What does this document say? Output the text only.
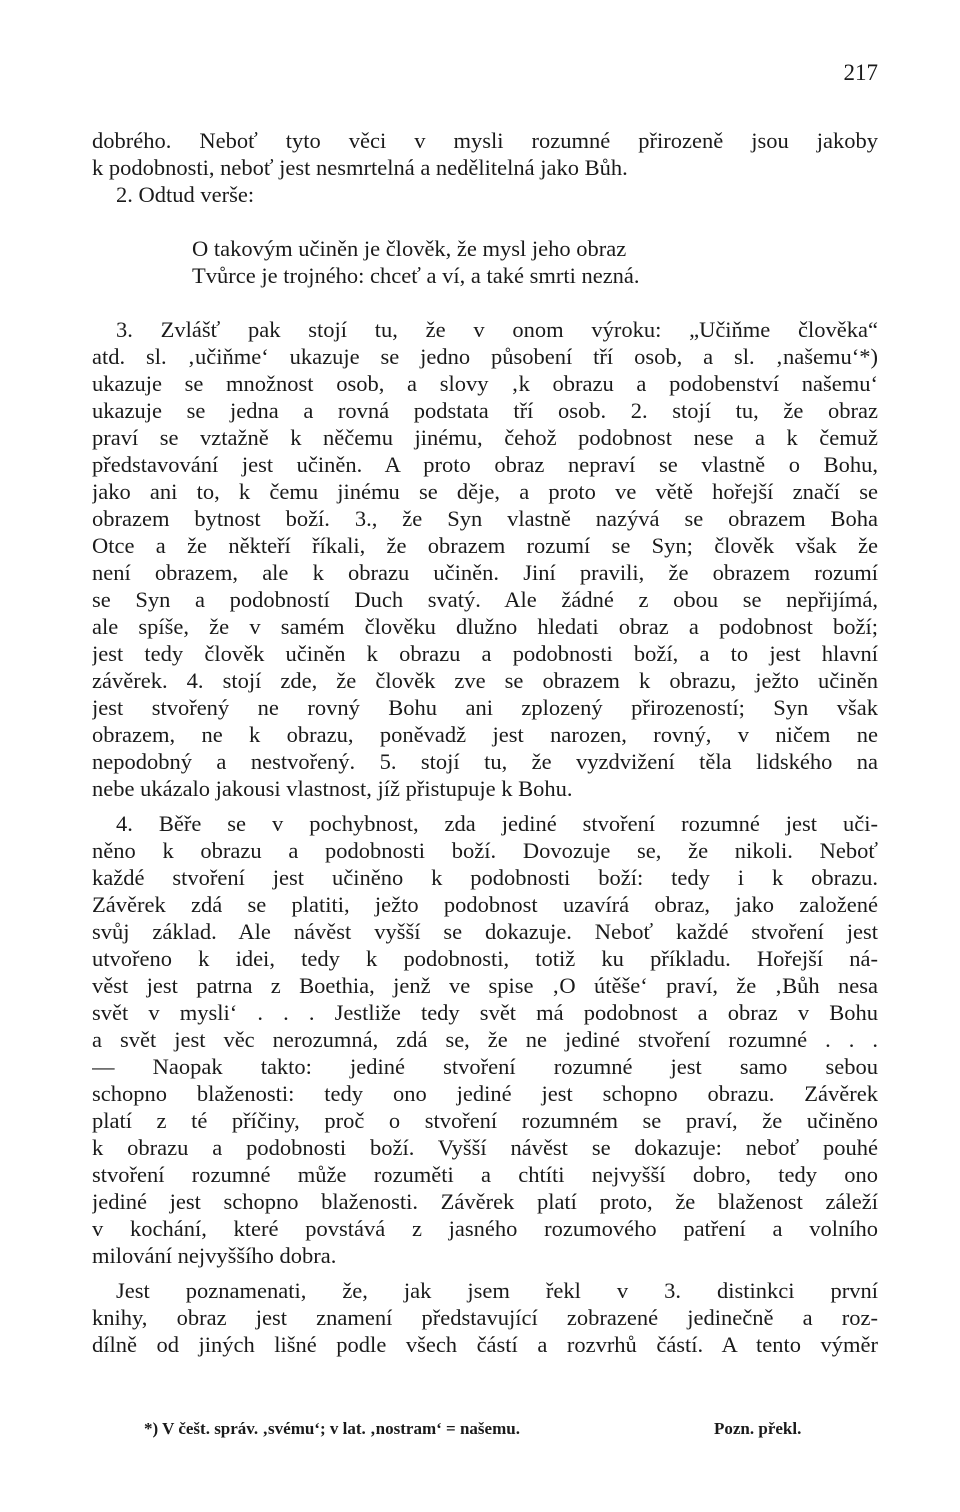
217
dobrého. Neboť tyto věci v mysli rozumné přirozeně jsou jakoby
k podobnosti, neboť jest nesmrtelná a nedělitelná jako Bůh.
2. Odtud verše:
O takovým učiněn je člověk, že mysl jeho obraz
Tvůrce je trojného: chceť a ví, a také smrti nezná.
3. Zvlášť pak stojí tu, že v onom výroku: „Učiňme člověka“
atd. sl. ‚učiňme‘ ukazuje se jedno působení tří osob, a sl. ‚našemu‘*)
ukazuje se množnost osob, a slovy ‚k obrazu a podobenství našemu‘
ukazuje se jedna a rovná podstata tří osob. 2. stojí tu, že obraz
praví se vztažně k něčemu jinému, čehož podobnost nese a k čemuž
představování jest učiněn. A proto obraz nepraví se vlastně o Bohu,
jako ani to, k čemu jinému se děje, a proto ve větě hořejší značí se
obrazem bytnost boží. 3., že Syn vlastně nazývá se obrazem Boha
Otce a že někteří říkali, že obrazem rozumí se Syn; člověk však že
není obrazem, ale k obrazu učiněn. Jiní pravili, že obrazem rozumí
se Syn a podobností Duch svatý. Ale žádné z obou se nepřijímá,
ale spíše, že v samém člověku dlužno hledati obraz a podobnost boží;
jest tedy člověk učiněn k obrazu a podobnosti boží, a to jest hlavní
závěrek. 4. stojí zde, že člověk zve se obrazem k obrazu, ježto učiněn
jest stvořený ne rovný Bohu ani zplozený přirozeností; Syn však
obrazem, ne k obrazu, poněvadž jest narozen, rovný, v ničem ne
nepodobný a nestvořený. 5. stojí tu, že vyzdvižení těla lidského na
nebe ukázalo jakousi vlastnost, jíž přistupuje k Bohu.
4. Běře se v pochybnost, zda jediné stvoření rozumné jest uči-
něno k obrazu a podobnosti boží. Dovozuje se, že nikoli. Neboť
každé stvoření jest učiněno k podobnosti boží: tedy i k obrazu.
Závěrek zdá se platiti, ježto podobnost uzavírá obraz, jako založené
svůj základ. Ale návěst vyšší se dokazuje. Neboť každé stvoření jest
utvořeno k idei, tedy k podobnosti, totiž ku příkladu. Hořejší ná-
věst jest patrna z Boethia, jenž ve spise ‚O útěše‘ praví, že ‚Bůh nesa
svět v mysli‘ . . . Jestliže tedy svět má podobnost a obraz v Bohu
a svět jest věc nerozumná, zdá se, že ne jediné stvoření rozumné . . .
— Naopak takto: jediné stvoření rozumné jest samo sebou
schopno blaženosti: tedy ono jediné jest schopno obrazu. Závěrek
platí z té příčiny, proč o stvoření rozumném se praví, že učiněno
k obrazu a podobnosti boží. Vyšší návěst se dokazuje: neboť pouhé
stvoření rozumné může rozuměti a chtíti nejvyšší dobro, tedy ono
jediné jest schopno blaženosti. Závěrek platí proto, že blaženost záleží
v kochání, které povstává z jasného rozumového patření a volního
milování nejvyššího dobra.
Jest poznamenati, že, jak jsem řekl v 3. distinkci první
knihy, obraz jest znamení představující zobrazené jedinečně a roz-
dílně od jiných lišné podle všech částí a rozvrhů částí. A tento výměr
*) V češt. správ. ‚svému‘; v lat. ‚nostram‘ = našemu.	Pozn. překl.
